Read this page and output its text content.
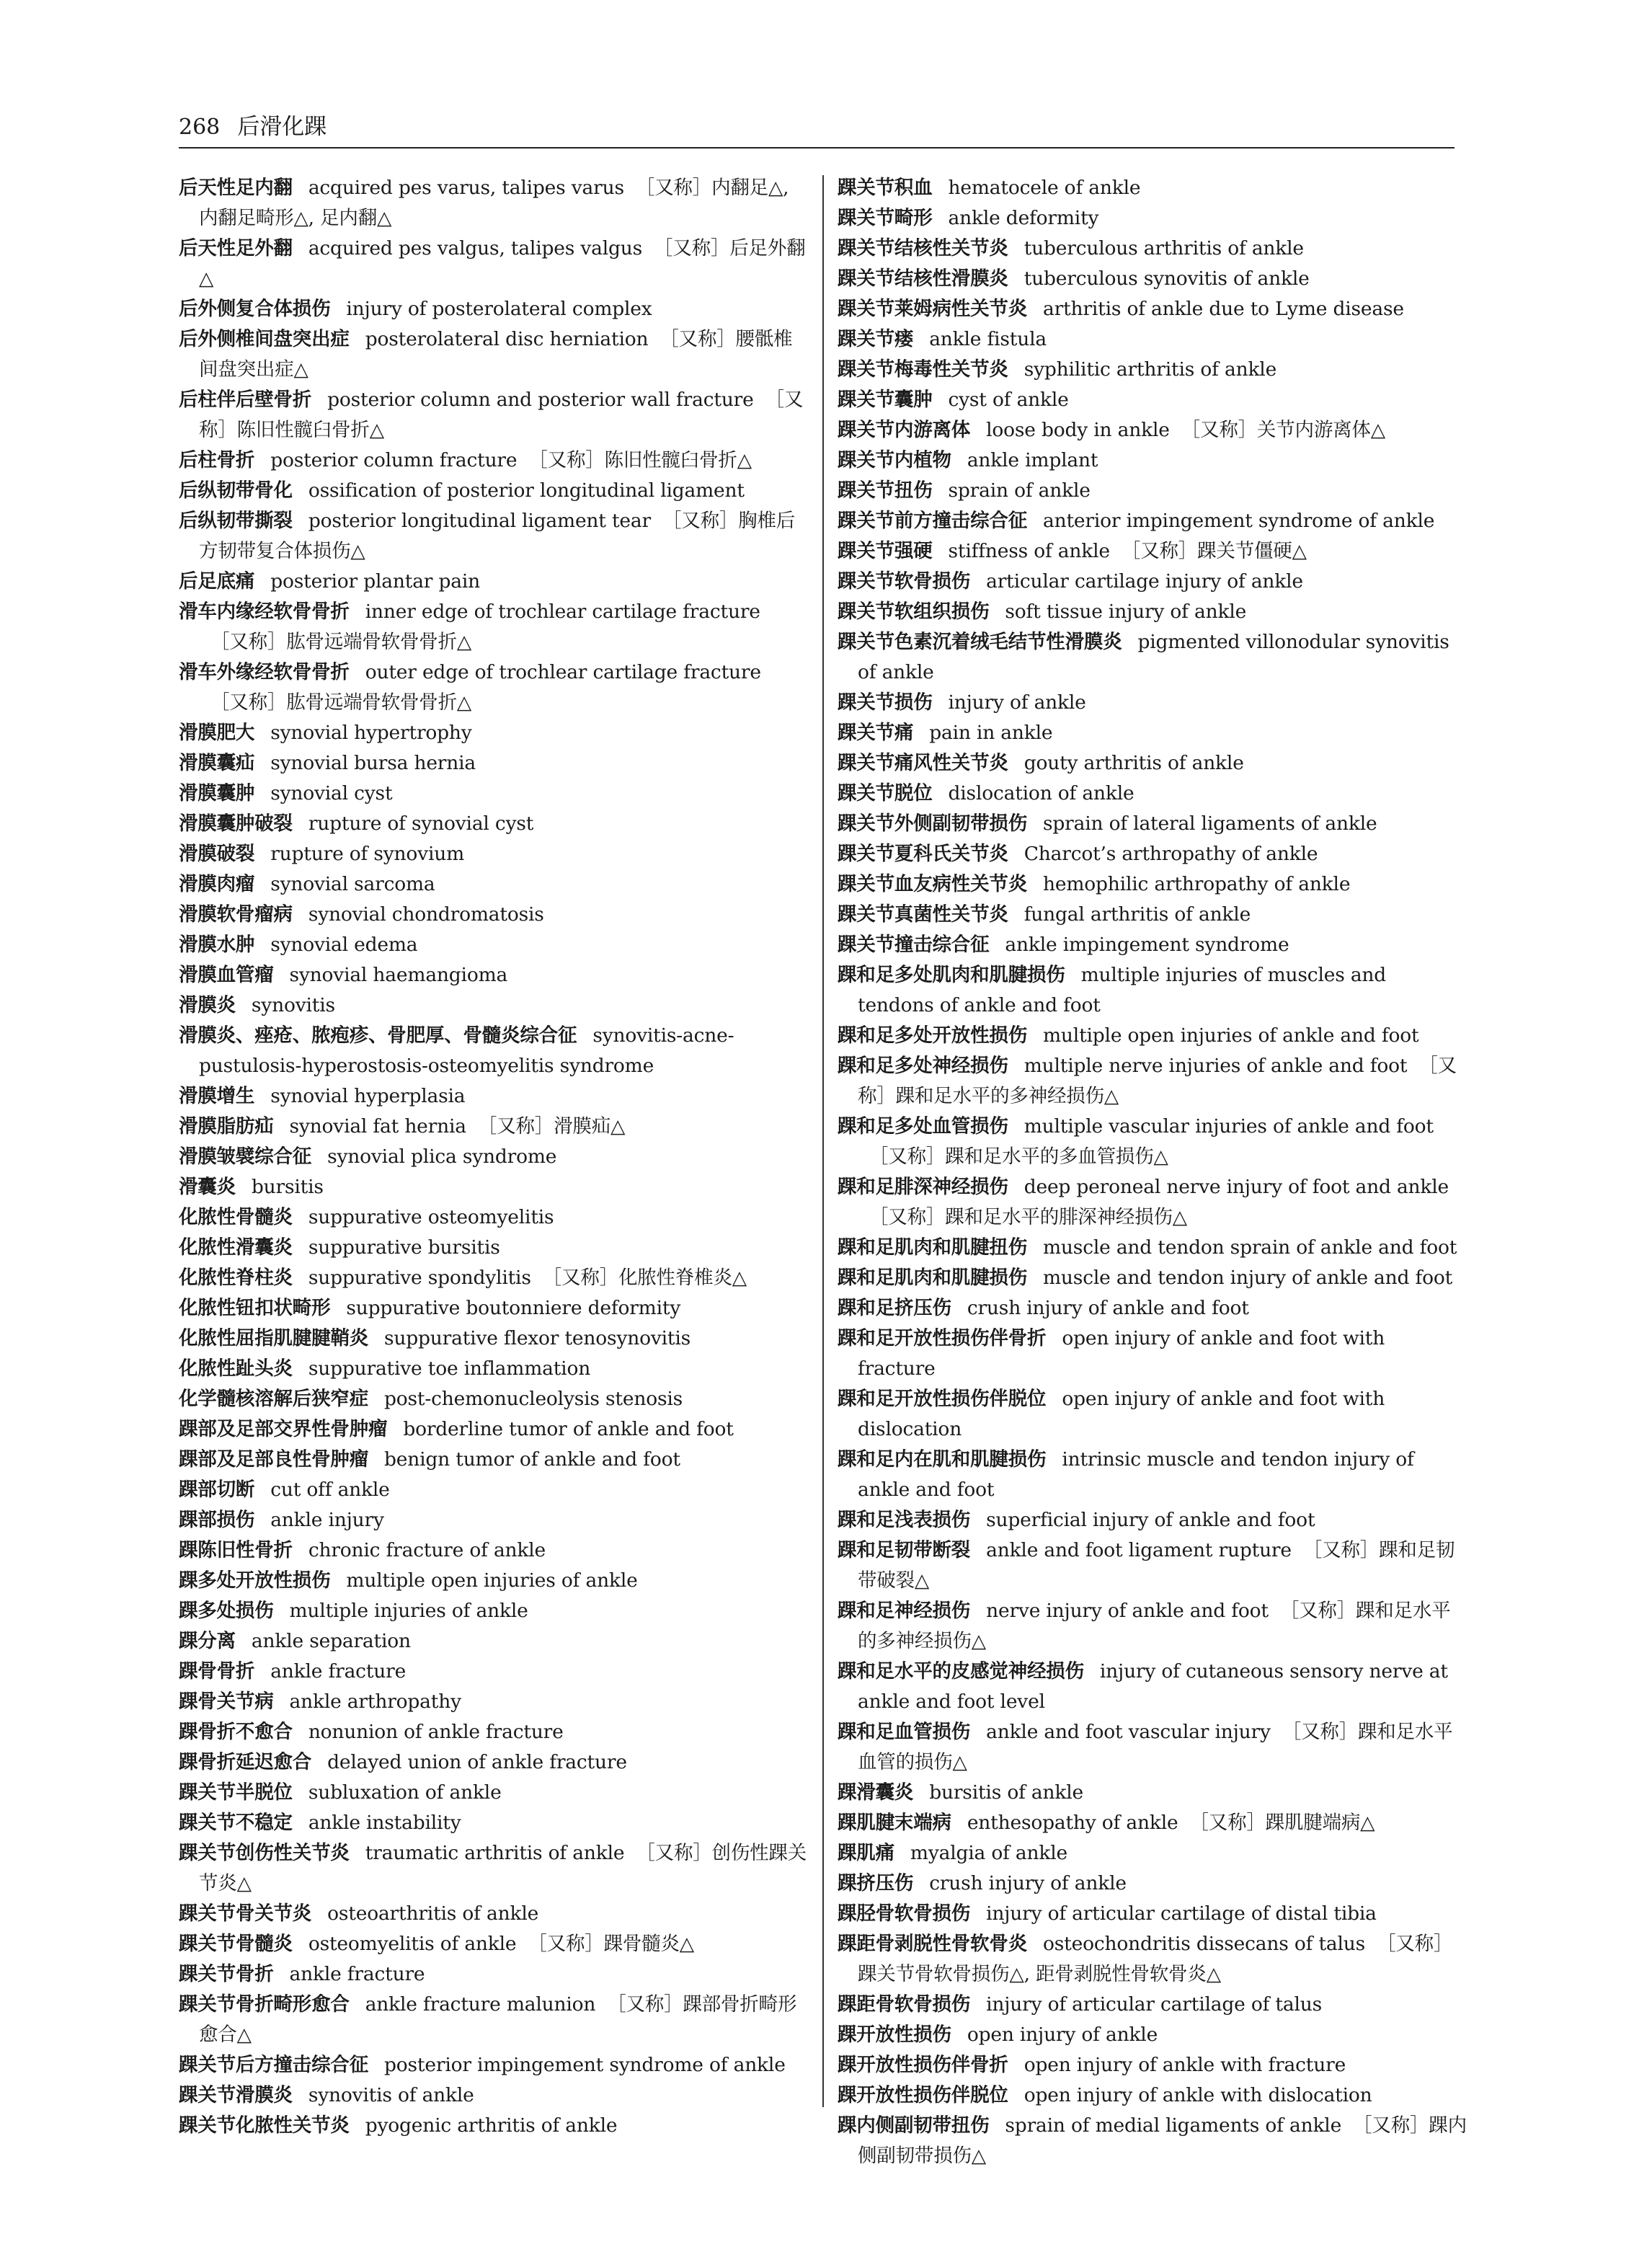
268 后滑化踝

后天性足内翻 acquired pes varus, talipes varus ［又称］内翻足△, 内翻足畸形△, 足内翻△

后天性足外翻 acquired pes valgus, talipes valgus ［又称］后足外翻△

后外侧复合体损伤 injury of posterolateral complex

后外侧椎间盘突出症 posterolateral disc herniation ［又称］腰骶椎间盘突出症△

后柱伴后壁骨折 posterior column and posterior wall fracture ［又称］陈旧性髋臼骨折△

后柱骨折 posterior column fracture ［又称］陈旧性髋臼骨折△

后纵韧带骨化 ossification of posterior longitudinal ligament

后纵韧带撕裂 posterior longitudinal ligament tear ［又称］胸椎后方韧带复合体损伤△

后足底痛 posterior plantar pain

滑车内缘经软骨骨折 inner edge of trochlear cartilage fracture［又称］肱骨远端骨软骨骨折△

滑车外缘经软骨骨折 outer edge of trochlear cartilage fracture［又称］肱骨远端骨软骨骨折△

滑膜肥大 synovial hypertrophy

滑膜囊疝 synovial bursa hernia

滑膜囊肿 synovial cyst

滑膜囊肿破裂 rupture of synovial cyst

滑膜破裂 rupture of synovium

滑膜肉瘤 synovial sarcoma

滑膜软骨瘤病 synovial chondromatosis

滑膜水肿 synovial edema

滑膜血管瘤 synovial haemangioma

滑膜炎 synovitis

滑膜炎、痤疮、脓疱疹、骨肥厚、骨髓炎综合征 synovitis-acne-pustulosis-hyperostosis-osteomyelitis syndrome

滑膜增生 synovial hyperplasia

滑膜脂肪疝 synovial fat hernia ［又称］滑膜疝△

滑膜皱襞综合征 synovial plica syndrome

滑囊炎 bursitis

化脓性骨髓炎 suppurative osteomyelitis

化脓性滑囊炎 suppurative bursitis

化脓性脊柱炎 suppurative spondylitis ［又称］化脓性脊椎炎△

化脓性钮扣状畸形 suppurative boutonniere deformity

化脓性屈指肌腱腱鞘炎 suppurative flexor tenosynovitis

化脓性趾头炎 suppurative toe inflammation

化学髓核溶解后狭窄症 post-chemonucleolysis stenosis

踝部及足部交界性骨肿瘤 borderline tumor of ankle and foot

踝部及足部良性骨肿瘤 benign tumor of ankle and foot

踝部切断 cut off ankle

踝部损伤 ankle injury

踝陈旧性骨折 chronic fracture of ankle

踝多处开放性损伤 multiple open injuries of ankle

踝多处损伤 multiple injuries of ankle

踝分离 ankle separation

踝骨骨折 ankle fracture

踝骨关节病 ankle arthropathy

踝骨折不愈合 nonunion of ankle fracture

踝骨折延迟愈合 delayed union of ankle fracture

踝关节半脱位 subluxation of ankle

踝关节不稳定 ankle instability

踝关节创伤性关节炎 traumatic arthritis of ankle ［又称］创伤性踝关节炎△

踝关节骨关节炎 osteoarthritis of ankle

踝关节骨髓炎 osteomyelitis of ankle ［又称］踝骨髓炎△

踝关节骨折 ankle fracture

踝关节骨折畸形愈合 ankle fracture malunion ［又称］踝部骨折畸形愈合△

踝关节后方撞击综合征 posterior impingement syndrome of ankle

踝关节滑膜炎 synovitis of ankle

踝关节化脓性关节炎 pyogenic arthritis of ankle

踝关节积血 hematocele of ankle

踝关节畸形 ankle deformity

踝关节结核性关节炎 tuberculous arthritis of ankle

踝关节结核性滑膜炎 tuberculous synovitis of ankle

踝关节莱姆病性关节炎 arthritis of ankle due to Lyme disease

踝关节瘘 ankle fistula

踝关节梅毒性关节炎 syphilitic arthritis of ankle

踝关节囊肿 cyst of ankle

踝关节内游离体 loose body in ankle ［又称］关节内游离体△

踝关节内植物 ankle implant

踝关节扭伤 sprain of ankle

踝关节前方撞击综合征 anterior impingement syndrome of ankle

踝关节强硬 stiffness of ankle ［又称］踝关节僵硬△

踝关节软骨损伤 articular cartilage injury of ankle

踝关节软组织损伤 soft tissue injury of ankle

踝关节色素沉着绒毛结节性滑膜炎 pigmented villonodular synovitis of ankle

踝关节损伤 injury of ankle

踝关节痛 pain in ankle

踝关节痛风性关节炎 gouty arthritis of ankle

踝关节脱位 dislocation of ankle

踝关节外侧副韧带损伤 sprain of lateral ligaments of ankle

踝关节夏科氏关节炎 Charcot’s arthropathy of ankle

踝关节血友病性关节炎 hemophilic arthropathy of ankle

踝关节真菌性关节炎 fungal arthritis of ankle

踝关节撞击综合征 ankle impingement syndrome

踝和足多处肌肉和肌腱损伤 multiple injuries of muscles and tendons of ankle and foot

踝和足多处开放性损伤 multiple open injuries of ankle and foot

踝和足多处神经损伤 multiple nerve injuries of ankle and foot ［又称］踝和足水平的多神经损伤△

踝和足多处血管损伤 multiple vascular injuries of ankle and foot［又称］踝和足水平的多血管损伤△

踝和足腓深神经损伤 deep peroneal nerve injury of foot and ankle［又称］踝和足水平的腓深神经损伤△

踝和足肌肉和肌腱扭伤 muscle and tendon sprain of ankle and foot

踝和足肌肉和肌腱损伤 muscle and tendon injury of ankle and foot

踝和足挤压伤 crush injury of ankle and foot

踝和足开放性损伤伴骨折 open injury of ankle and foot with fracture

踝和足开放性损伤伴脱位 open injury of ankle and foot with dislocation

踝和足内在肌和肌腱损伤 intrinsic muscle and tendon injury of ankle and foot

踝和足浅表损伤 superficial injury of ankle and foot

踝和足韧带断裂 ankle and foot ligament rupture ［又称］踝和足韧带破裂△

踝和足神经损伤 nerve injury of ankle and foot ［又称］踝和足水平的多神经损伤△

踝和足水平的皮感觉神经损伤 injury of cutaneous sensory nerve at ankle and foot level

踝和足血管损伤 ankle and foot vascular injury ［又称］踝和足水平血管的损伤△

踝滑囊炎 bursitis of ankle

踝肌腱末端病 enthesopathy of ankle ［又称］踝肌腱端病△

踝肌痛 myalgia of ankle

踝挤压伤 crush injury of ankle

踝胫骨软骨损伤 injury of articular cartilage of distal tibia

踝距骨剥脱性骨软骨炎 osteochondritis dissecans of talus ［又称］踝关节骨软骨损伤△, 距骨剥脱性骨软骨炎△

踝距骨软骨损伤 injury of articular cartilage of talus

踝开放性损伤 open injury of ankle

踝开放性损伤伴骨折 open injury of ankle with fracture

踝开放性损伤伴脱位 open injury of ankle with dislocation

踝内侧副韧带扭伤 sprain of medial ligaments of ankle ［又称］踝内侧副韧带损伤△
